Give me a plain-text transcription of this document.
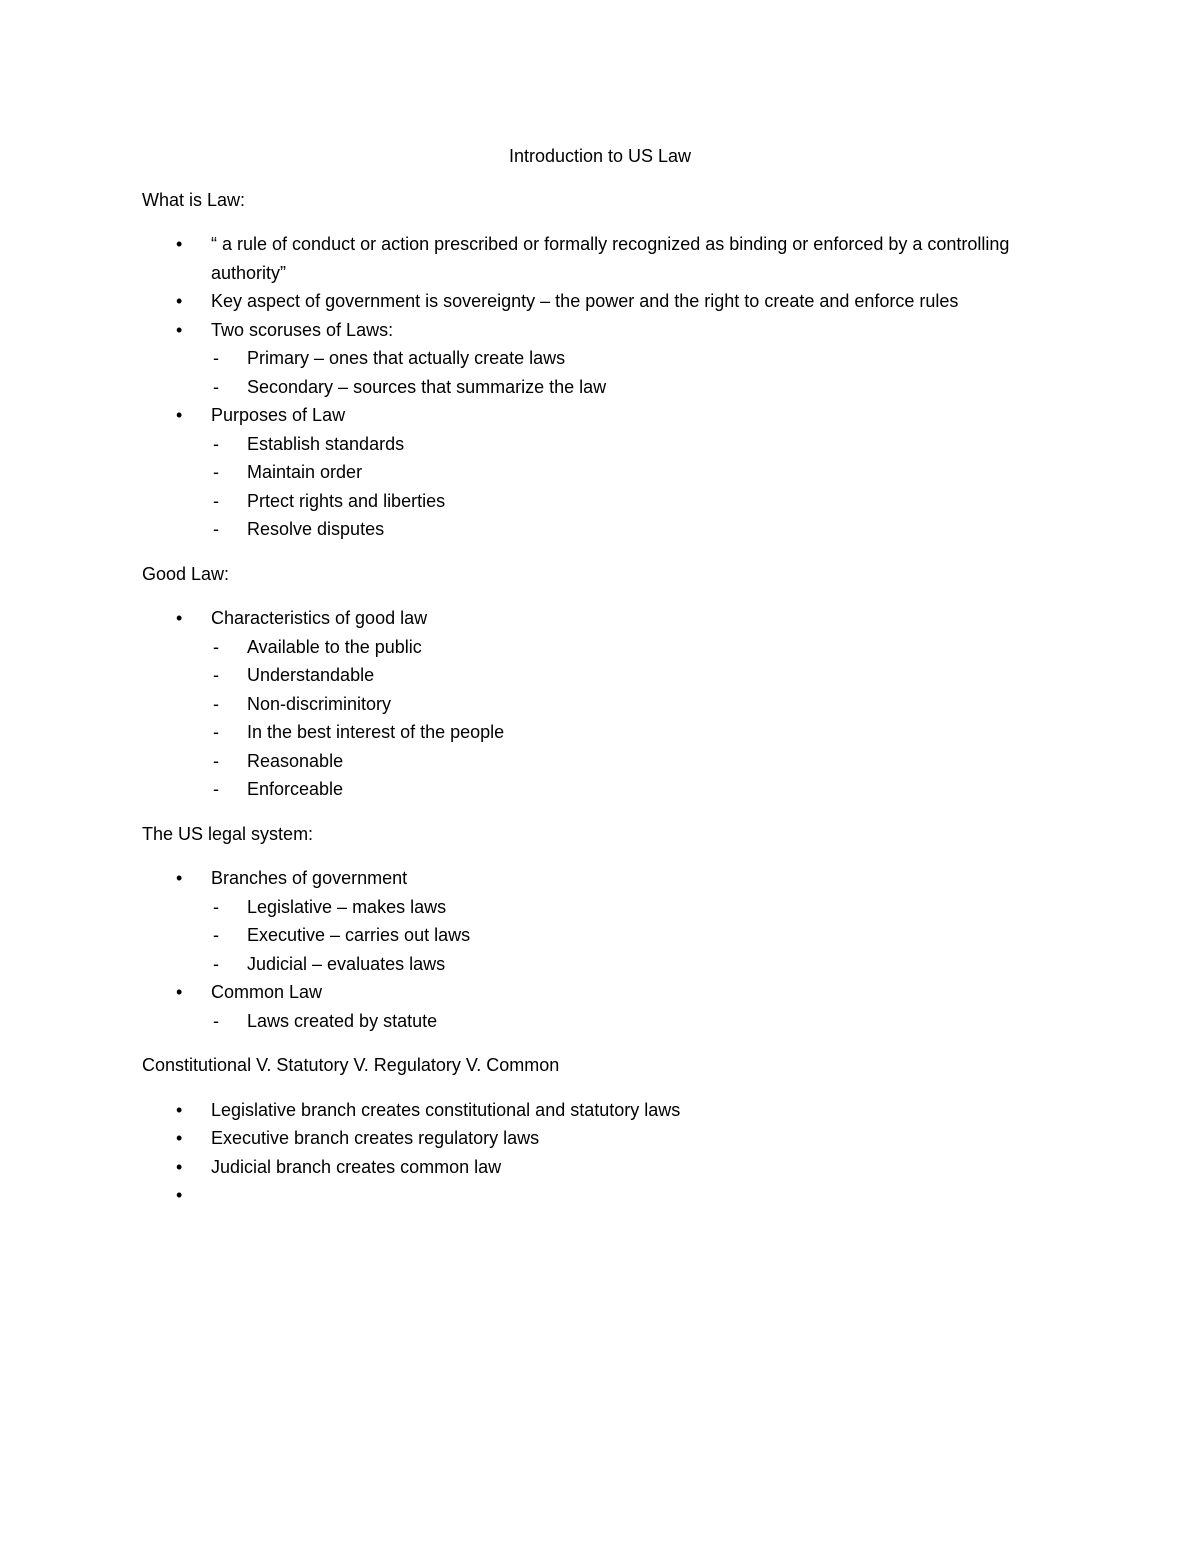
Introduction to US Law
What is Law:
• “ a rule of conduct or action prescribed or formally recognized as binding or enforced by a controlling authority”
• Key aspect of government is sovereignty – the power and the right to create and enforce rules
• Two scoruses of Laws:
- Primary – ones that actually create laws
- Secondary – sources that summarize the law
• Purposes of Law
- Establish standards
- Maintain order
- Prtect rights and liberties
- Resolve disputes
Good Law:
• Characteristics of good law
- Available to the public
- Understandable
- Non-discriminitory
- In the best interest of the people
- Reasonable
- Enforceable
The US legal system:
• Branches of government
- Legislative – makes laws
- Executive – carries out laws
- Judicial – evaluates laws
• Common Law
- Laws created by statute
Constitutional V. Statutory V. Regulatory V. Common
• Legislative branch creates constitutional and statutory laws
• Executive branch creates regulatory laws
• Judicial branch creates common law
•
